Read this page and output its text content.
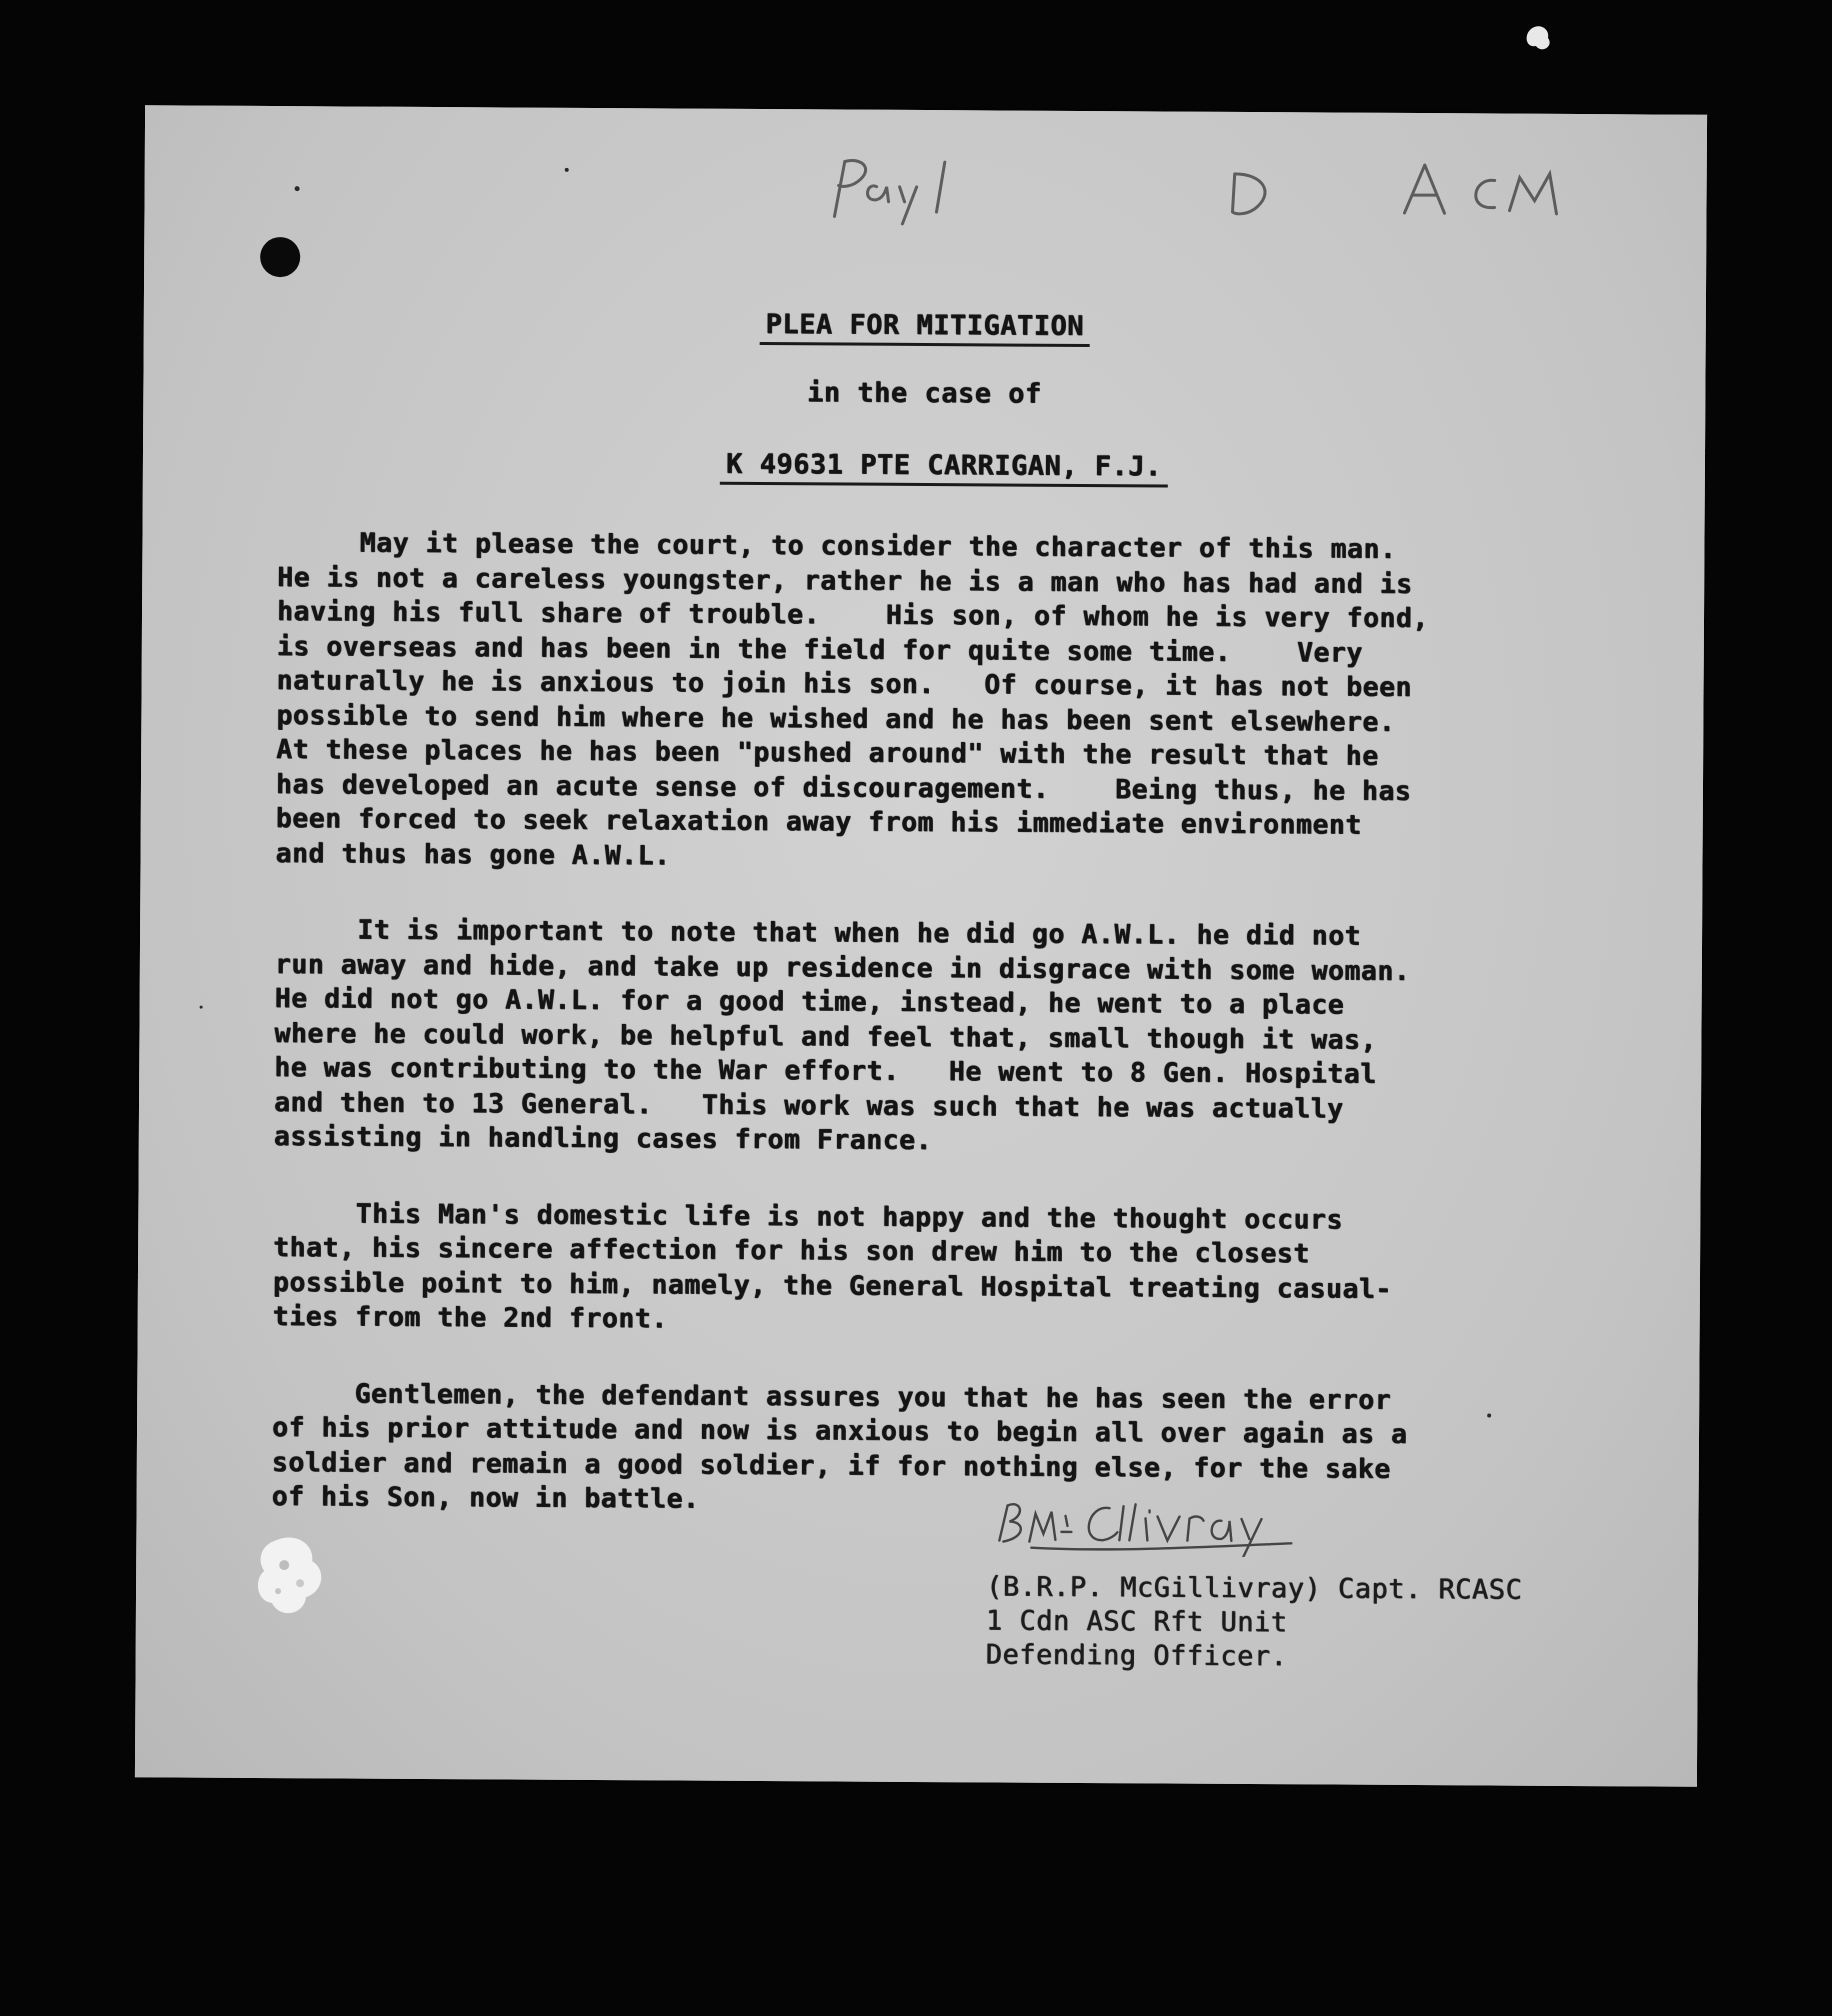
PLEA FOR MITIGATION
in the case of
K 49631 PTE CARRIGAN, F.J.

May it please the court, to consider the character of this man.
He is not a careless youngster, rather he is a man who has had and is
having his full share of trouble.    His son, of whom he is very fond,
is overseas and has been in the field for quite some time.    Very
naturally he is anxious to join his son.   Of course, it has not been
possible to send him where he wished and he has been sent elsewhere.
At these places he has been "pushed around" with the result that he
has developed an acute sense of discouragement.    Being thus, he has
been forced to seek relaxation away from his immediate environment
and thus has gone A.W.L.

It is important to note that when he did go A.W.L. he did not
run away and hide, and take up residence in disgrace with some woman.
He did not go A.W.L. for a good time, instead, he went to a place
where he could work, be helpful and feel that, small though it was,
he was contributing to the War effort.   He went to 8 Gen. Hospital
and then to 13 General.   This work was such that he was actually
assisting in handling cases from France.

This Man's domestic life is not happy and the thought occurs
that, his sincere affection for his son drew him to the closest
possible point to him, namely, the General Hospital treating casual-
ties from the 2nd front.

Gentlemen, the defendant assures you that he has seen the error
of his prior attitude and now is anxious to begin all over again as a
soldier and remain a good soldier, if for nothing else, for the sake
of his Son, now in battle.

(B.R.P. McGillivray) Capt. RCASC
1 Cdn ASC Rft Unit
Defending Officer.
